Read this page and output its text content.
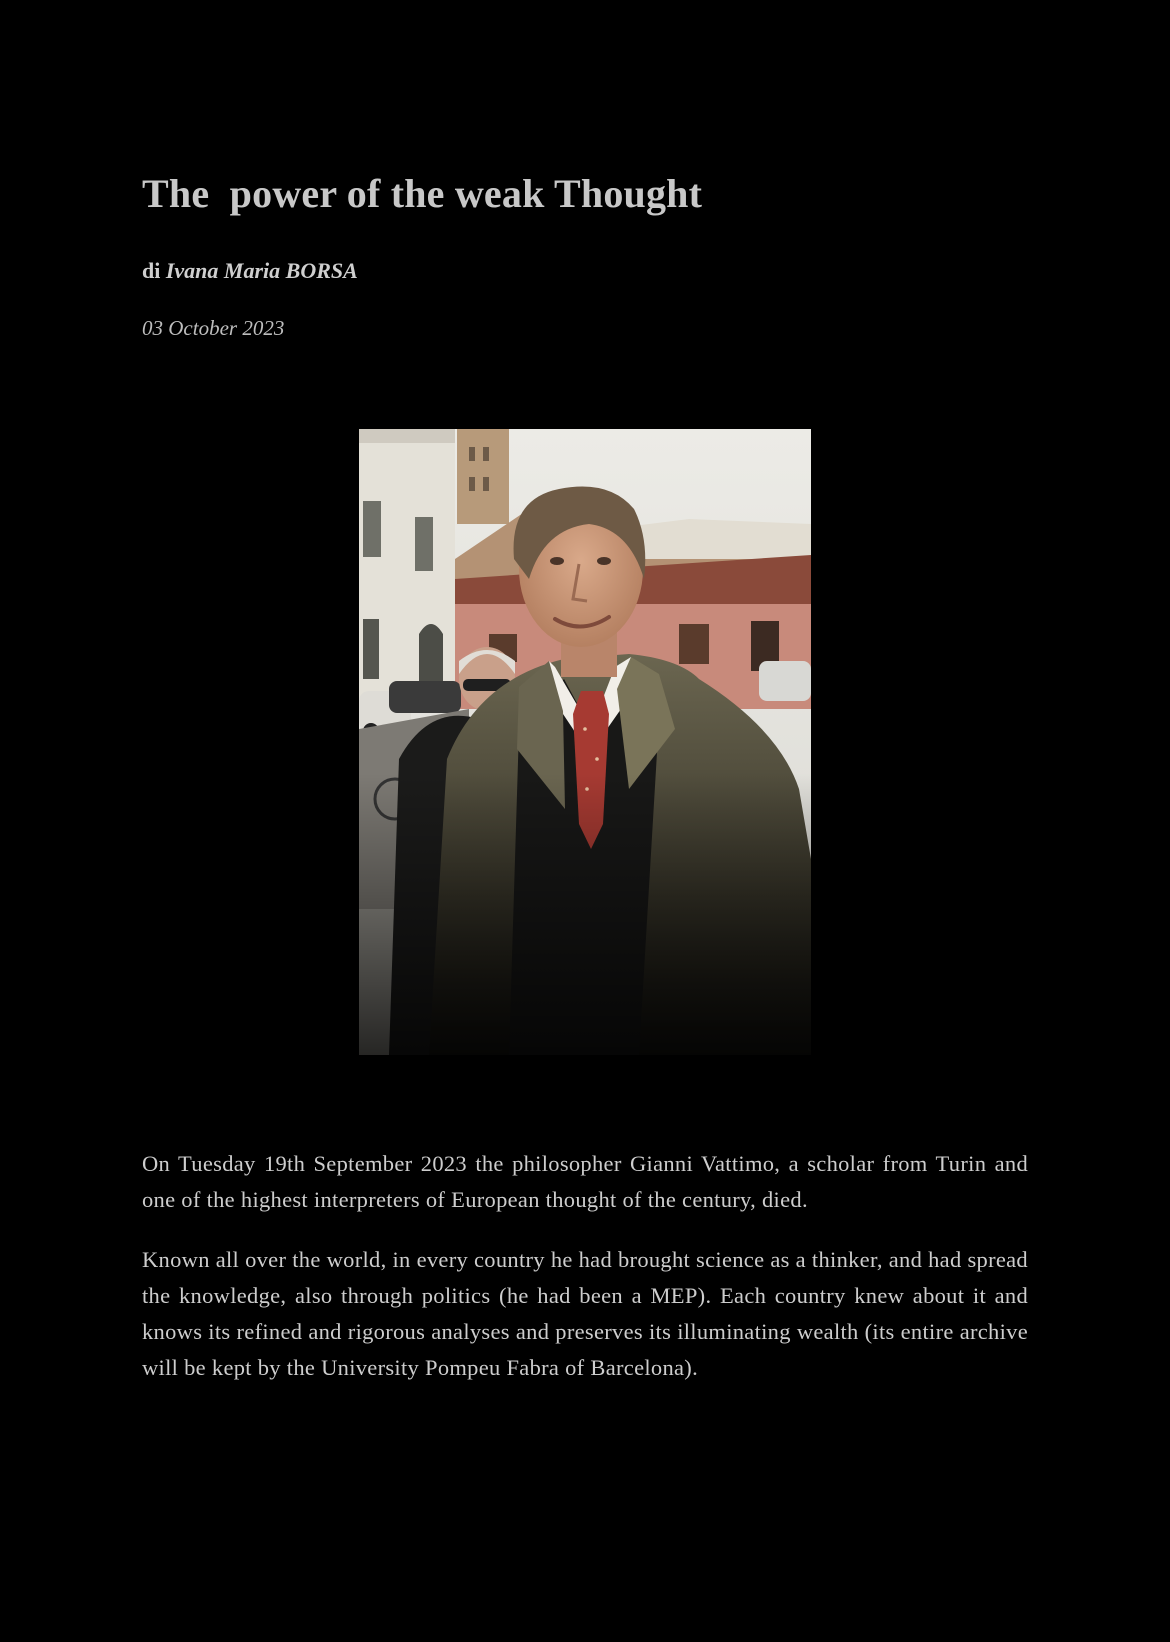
The  power of the weak Thought
di Ivana Maria BORSA
03 October 2023

On Tuesday 19th September 2023 the philosopher Gianni Vattimo, a scholar from Turin and one of the highest interpreters of European thought of the century, died.

Known all over the world, in every country he had brought science as a thinker, and had spread the knowledge, also through politics (he had been a MEP). Each country knew about it and knows its refined and rigorous analyses and preserves its illuminating wealth (its entire archive will be kept by the University Pompeu Fabra of Barcelona).
